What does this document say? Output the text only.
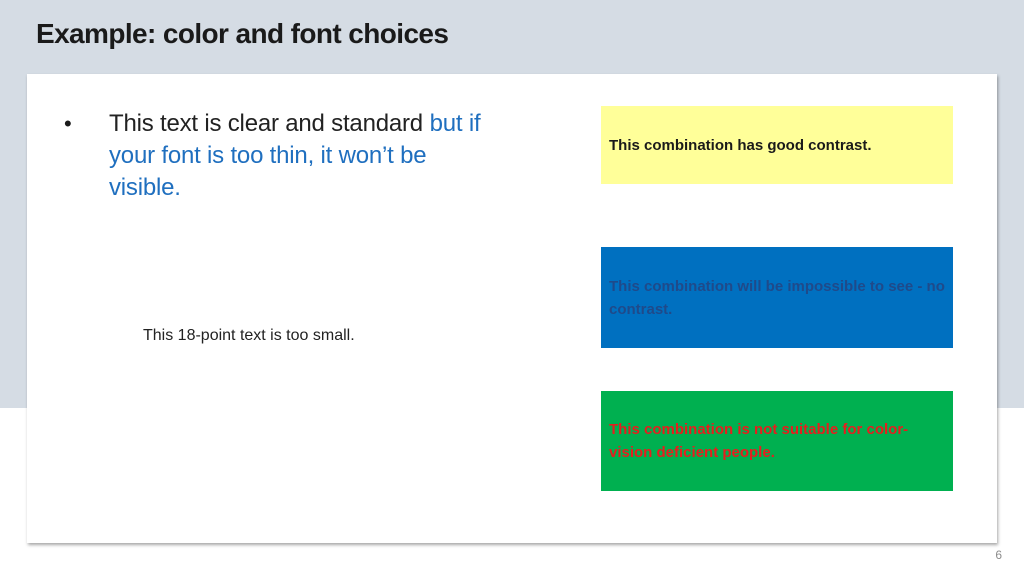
Example: color and font choices
• This text is clear and standard but if your font is too thin, it won’t be visible.
This 18-point text is too small.
This combination has good contrast.
This combination will be impossible to see - no contrast.
This combination is not suitable for color-vision deficient people.
6
